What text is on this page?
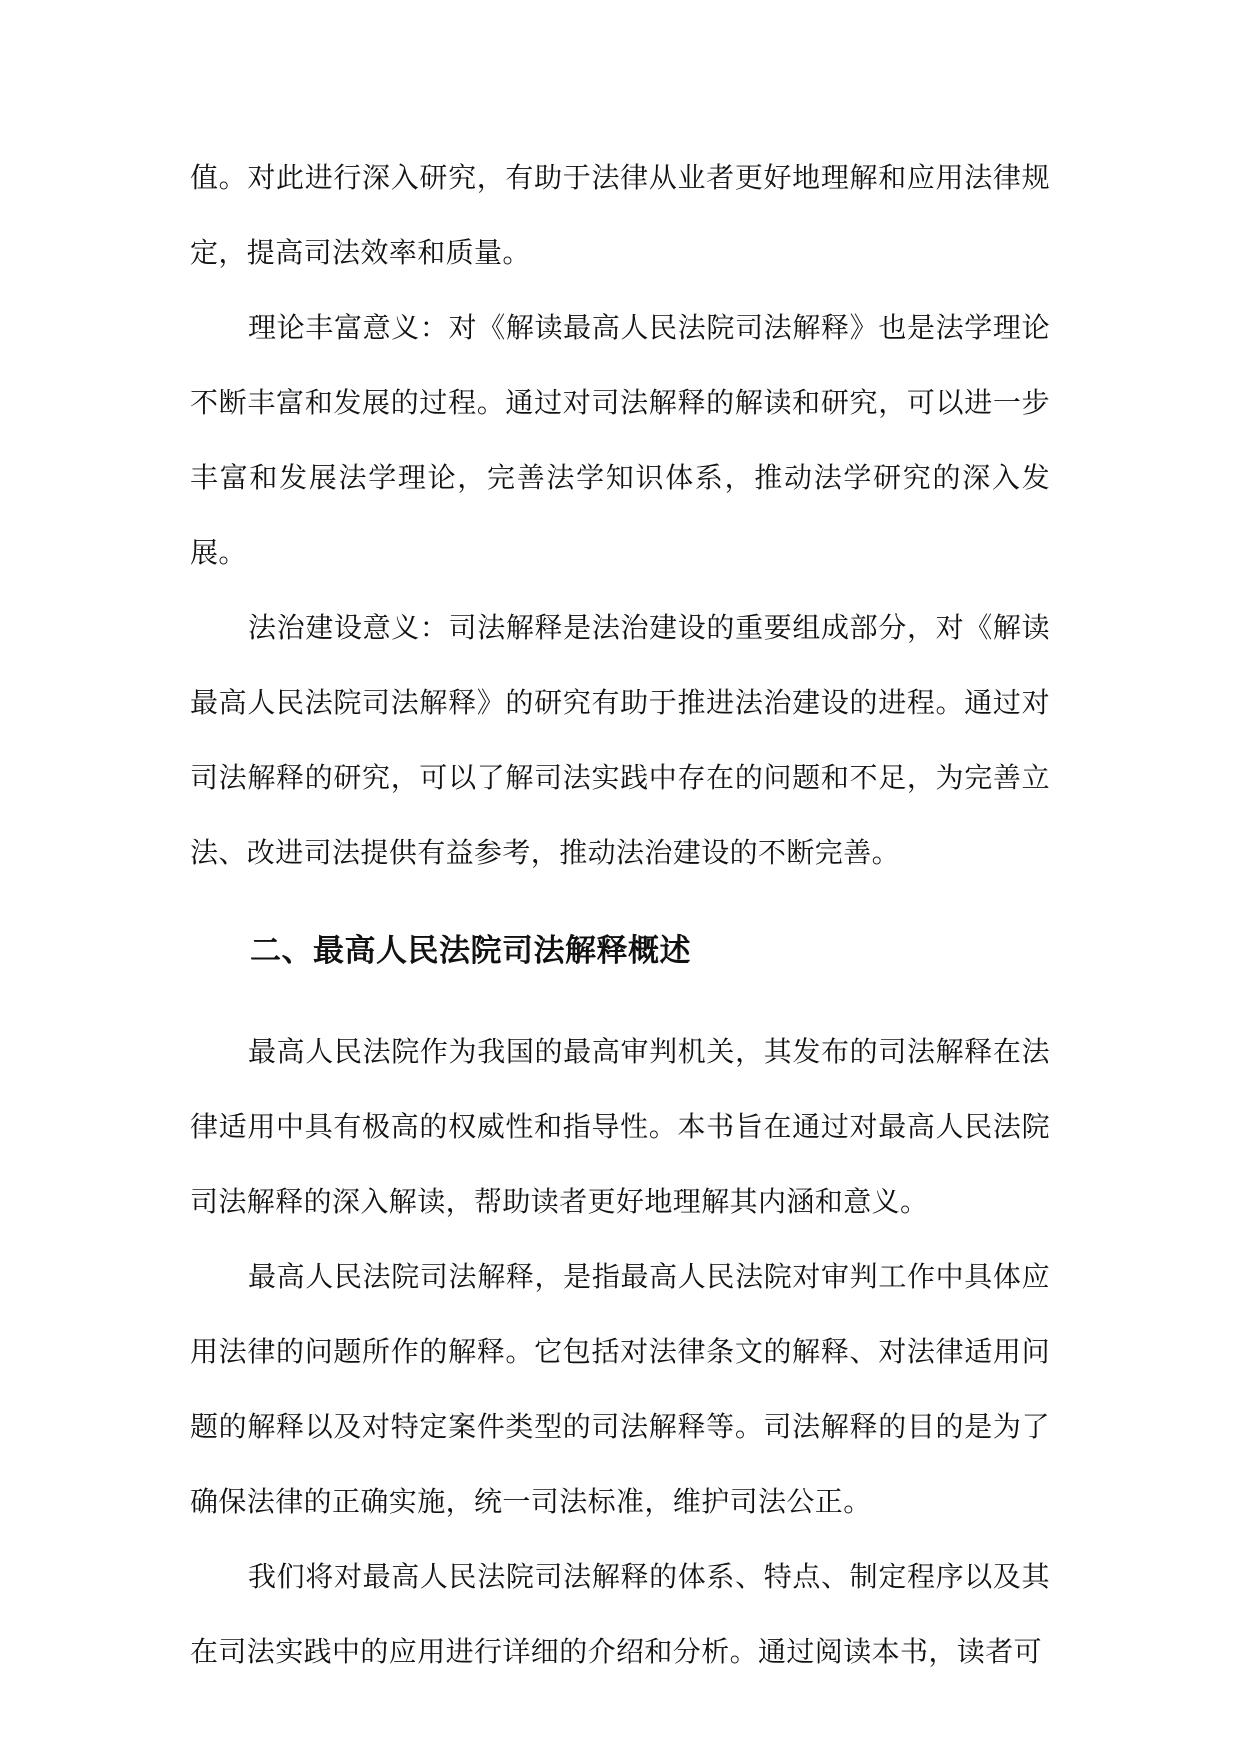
值。对此进行深入研究，有助于法律从业者更好地理解和应用法律规定，提高司法效率和质量。

理论丰富意义：对《解读最高人民法院司法解释》也是法学理论不断丰富和发展的过程。通过对司法解释的解读和研究，可以进一步丰富和发展法学理论，完善法学知识体系，推动法学研究的深入发展。

法治建设意义：司法解释是法治建设的重要组成部分，对《解读最高人民法院司法解释》的研究有助于推进法治建设的进程。通过对司法解释的研究，可以了解司法实践中存在的问题和不足，为完善立法、改进司法提供有益参考，推动法治建设的不断完善。

二、最高人民法院司法解释概述

最高人民法院作为我国的最高审判机关，其发布的司法解释在法律适用中具有极高的权威性和指导性。本书旨在通过对最高人民法院司法解释的深入解读，帮助读者更好地理解其内涵和意义。

最高人民法院司法解释，是指最高人民法院对审判工作中具体应用法律的问题所作的解释。它包括对法律条文的解释、对法律适用问题的解释以及对特定案件类型的司法解释等。司法解释的目的是为了确保法律的正确实施，统一司法标准，维护司法公正。

我们将对最高人民法院司法解释的体系、特点、制定程序以及其在司法实践中的应用进行详细的介绍和分析。通过阅读本书，读者可
